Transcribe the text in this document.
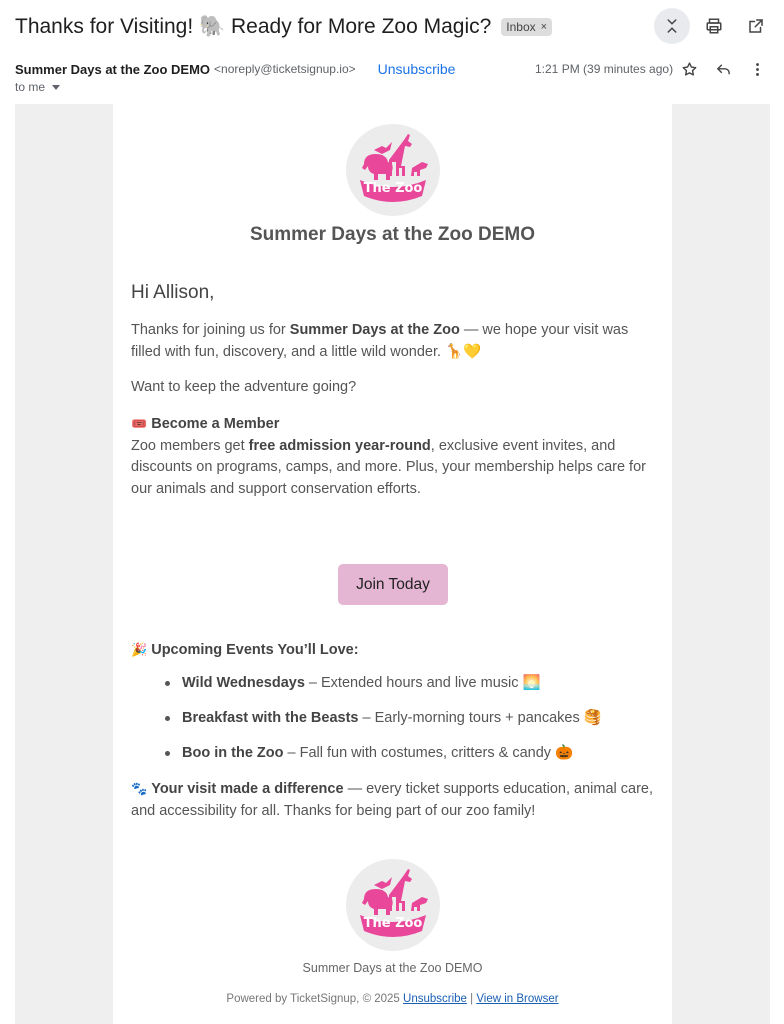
Thanks for Visiting! 🐘 Ready for More Zoo Magic? Inbox ×
Summer Days at the Zoo DEMO <noreply@ticketsignup.io> Unsubscribe	1:21 PM (39 minutes ago)
to me
The Zoo
Summer Days at the Zoo DEMO
Hi Allison,

Thanks for joining us for Summer Days at the Zoo — we hope your visit was filled with fun, discovery, and a little wild wonder. 🦒💛

Want to keep the adventure going?

🎟️ Become a Member
Zoo members get free admission year-round, exclusive event invites, and discounts on programs, camps, and more. Plus, your membership helps care for our animals and support conservation efforts.
Join Today
🎉 Upcoming Events You’ll Love:
Wild Wednesdays – Extended hours and live music 🌅
Breakfast with the Beasts – Early-morning tours + pancakes 🥞
Boo in the Zoo – Fall fun with costumes, critters & candy 🎃

🐾 Your visit made a difference — every ticket supports education, animal care, and accessibility for all. Thanks for being part of our zoo family!

The Zoo
Summer Days at the Zoo DEMO
Powered by TicketSignup, © 2025 Unsubscribe | View in Browser
